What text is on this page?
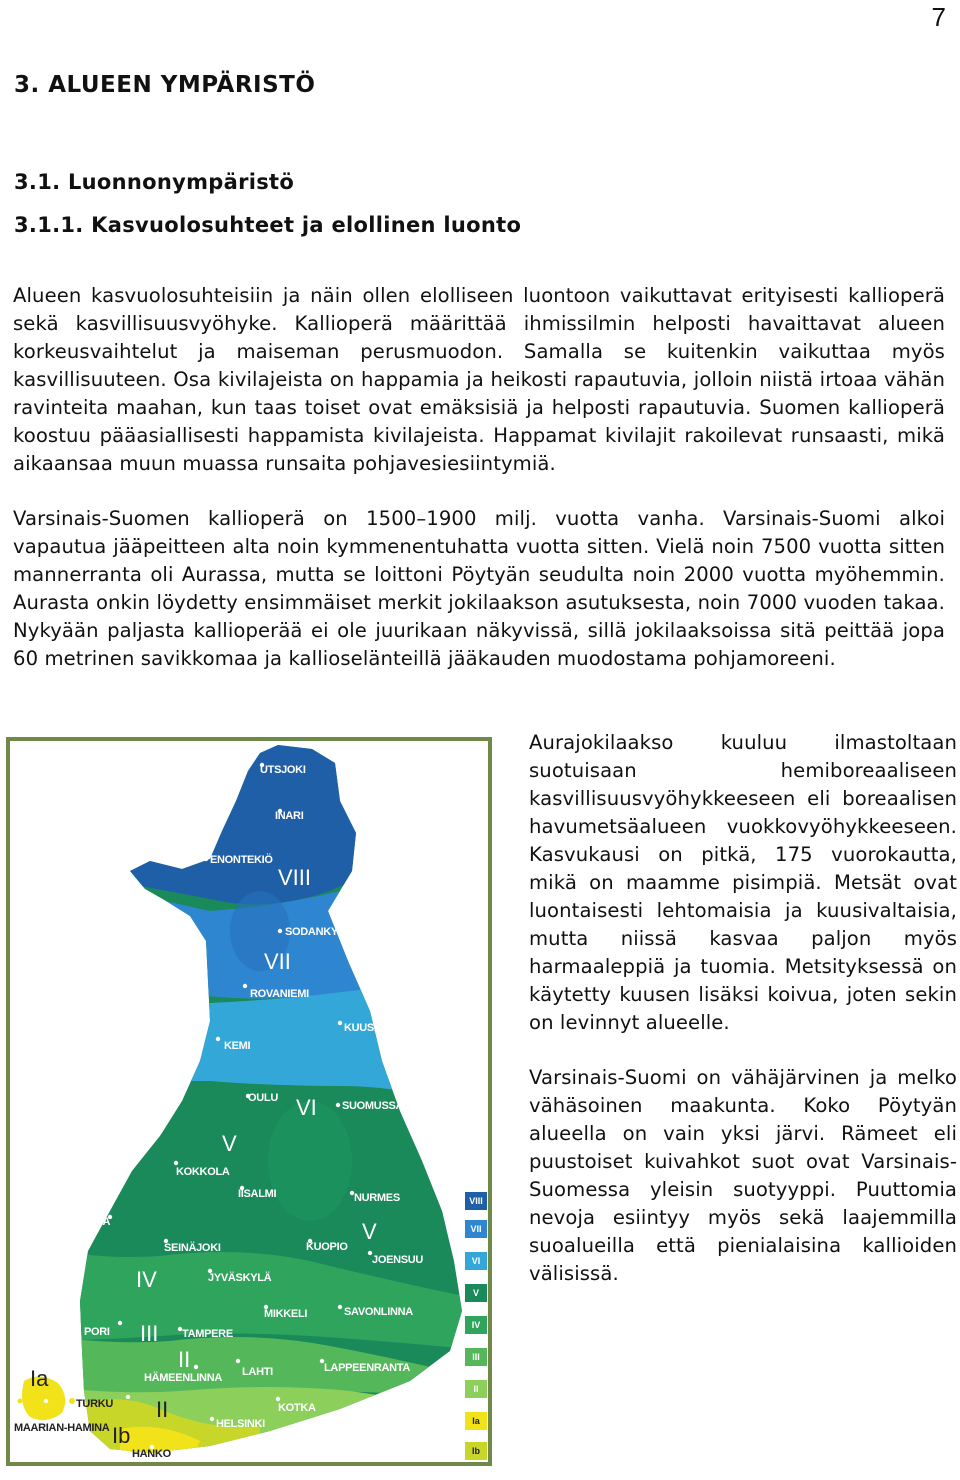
7
3. ALUEEN YMPÄRISTÖ
3.1. Luonnonympäristö
3.1.1. Kasvuolosuhteet ja elollinen luonto

Alueen kasvuolosuhteisiin ja näin ollen elolliseen luontoon vaikuttavat erityisesti kallioperä sekä kasvillisuusvyöhyke. Kallioperä määrittää ihmissilmin helposti havaittavat alueen korkeusvaihtelut ja maiseman perusmuodon. Samalla se kuitenkin vaikuttaa myös kasvillisuuteen. Osa kivilajeista on happamia ja heikosti rapautuvia, jolloin niistä irtoaa vähän ravinteita maahan, kun taas toiset ovat emäksisiä ja helposti rapautuvia. Suomen kallioperä koostuu pääasiallisesti happamista kivilajeista. Happamat kivilajit rakoilevat runsaasti, mikä aikaansaa muun muassa runsaita pohjavesiesiintymiä.

Varsinais-Suomen kallioperä on 1500–1900 milj. vuotta vanha. Varsinais-Suomi alkoi vapautua jääpeitteen alta noin kymmenentuhatta vuotta sitten. Vielä noin 7500 vuotta sitten mannerranta oli Aurassa, mutta se loittoni Pöytyän seudulta noin 2000 vuotta myöhemmin. Aurasta onkin löydetty ensimmäiset merkit jokilaakson asutuksesta, noin 7000 vuoden takaa. Nykyään paljasta kallioperää ei ole juurikaan näkyvissä, sillä jokilaaksoissa sitä peittää jopa 60 metrinen savikkomaa ja kallioselänteillä jääkauden muodostama pohjamoreeni.

Aurajokilaakso kuuluu ilmastoltaan suotuisaan hemiboreaaliseen kasvillisuusvyöhykkeeseen eli boreaalisen havumetsäalueen vuokkovyöhykkeeseen. Kasvukausi on pitkä, 175 vuorokautta, mikä on maamme pisimpiä. Metsät ovat luontaisesti lehtomaisia ja kuusivaltaisia, mutta niissä kasvaa paljon myös harmaaleppiä ja tuomia. Metsityksessä on käytetty kuusen lisäksi koivua, joten sekin on levinnyt alueelle.

Varsinais-Suomi on vähäjärvinen ja melko vähäsoinen maakunta. Koko Pöytyän alueella on vain yksi järvi. Rämeet eli puustoiset kuivahkot suot ovat Varsinais-Suomessa yleisin suotyyppi. Puuttomia nevoja esiintyy myös sekä laajemmilla suoalueilla että pienialaisina kallioiden välisissä.

UTSJOKI
INARI
ENONTEKIÖ
SODANKYLÄ
ROVANIEMI
KUUSAMO
KEMI
OULU
SUOMUSSALMI
KOKKOLA
IISALMI	NURMES
VAASA
SEINÄJOKI	KUOPIO
JOENSUU
JYVÄSKYLÄ
MIKKELI	SAVONLINNA
PORI	TAMPERE
HÄMEENLINNA LAHTI	LAPPEENRANTA
TURKU	KOTKA
HELSINKI
HANKO
MAARIAN-HAMINA
VIII
VII
VI
V
V
IV
III
II
II
Ia
Ib
VIII
VII
VI
V
IV
III
II
Ia
Ib
